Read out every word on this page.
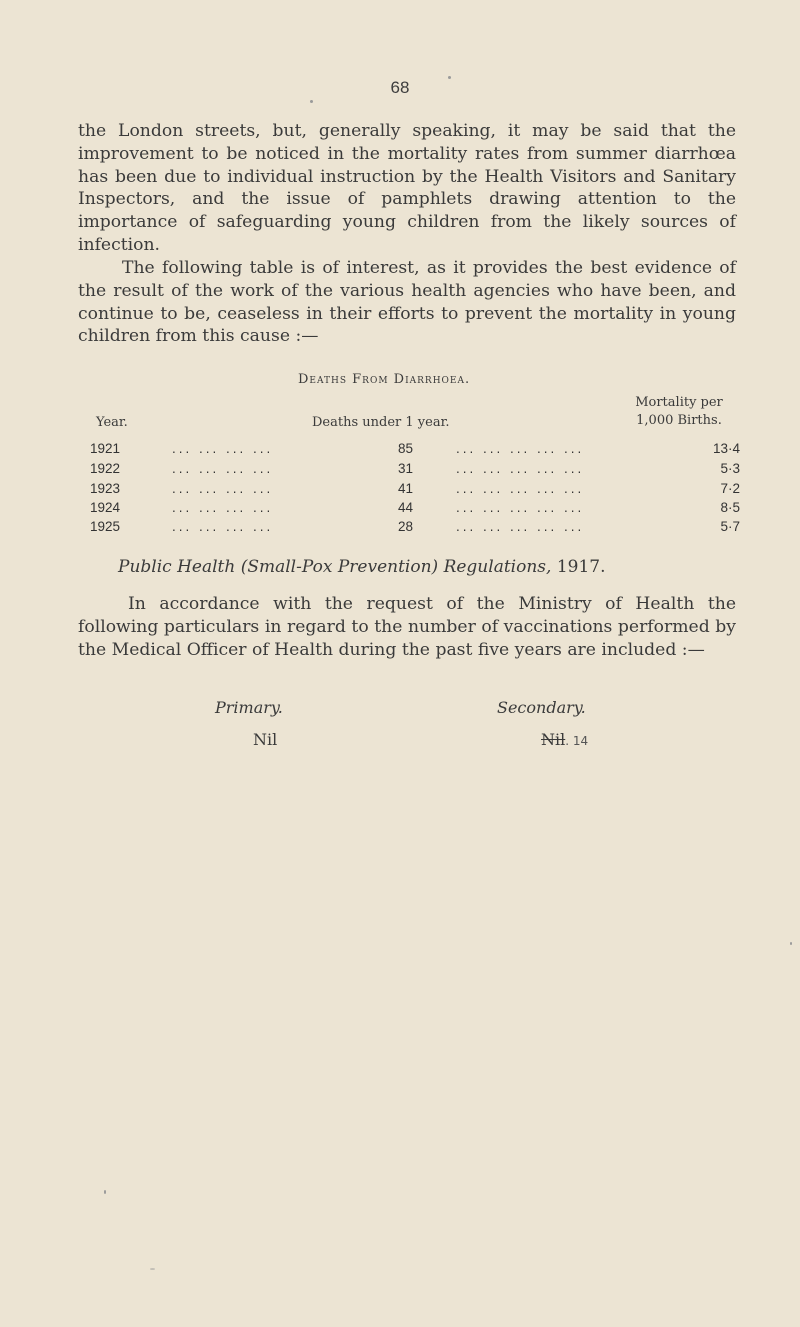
68

the London streets, but, generally speaking, it may be said that the improvement to be noticed in the mortality rates from summer diarrhœa has been due to individual instruction by the Health Visitors and Sanitary Inspectors, and the issue of pamphlets drawing attention to the importance of safeguarding young children from the likely sources of infection.

The following table is of interest, as it provides the best evidence of the result of the work of the various health agencies who have been, and continue to be, ceaseless in their efforts to prevent the mortality in young children from this cause :—

Deaths From Diarrhoea.
Year.	Deaths under 1 year.
Mortality per
1,000 Births.
1921	... ... ... ...	85	... ... ... ... ...	13·4
1922	... ... ... ...	31	... ... ... ... ...	5·3
1923	... ... ... ...	41	... ... ... ... ...	7·2
1924	... ... ... ...	44	... ... ... ... ...	8·5
1925	... ... ... ...	28	... ... ... ... ...	5·7

Public Health (Small-Pox Prevention) Regulations, 1917.

In accordance with the request of the Ministry of Health the following particulars in regard to the number of vaccinations performed by the Medical Officer of Health during the past five years are included :—

Primary.	Secondary.
Nil	Nil. 14
